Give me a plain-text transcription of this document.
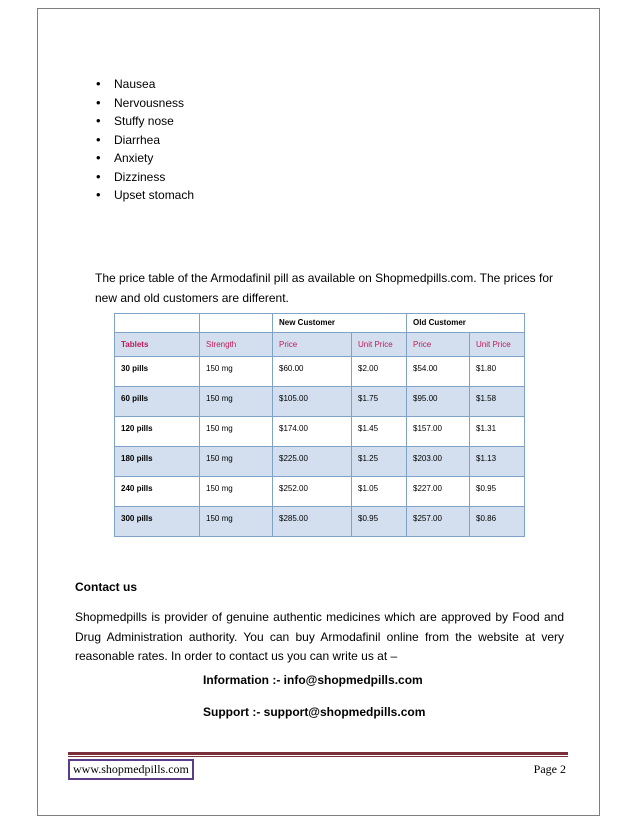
• Nausea
• Nervousness
• Stuffy nose
• Diarrhea
• Anxiety
• Dizziness
• Upset stomach
The price table of the Armodafinil pill as available on Shopmedpills.com. The prices for new and old customers are different.
		New Customer		Old Customer	
Tablets	Strength	Price	Unit Price	Price	Unit Price
30 pills	150 mg	$60.00	$2.00	$54.00	$1.80
60 pills	150 mg	$105.00	$1.75	$95.00	$1.58
120 pills	150 mg	$174.00	$1.45	$157.00	$1.31
180 pills	150 mg	$225.00	$1.25	$203.00	$1.13
240 pills	150 mg	$252.00	$1.05	$227.00	$0.95
300 pills	150 mg	$285.00	$0.95	$257.00	$0.86
Contact us
Shopmedpills is provider of genuine authentic medicines which are approved by Food and Drug Administration authority. You can buy Armodafinil online from the website at very reasonable rates. In order to contact us you can write us at –
Information :- info@shopmedpills.com
Support :- support@shopmedpills.com
www.shopmedpills.com	Page 2
